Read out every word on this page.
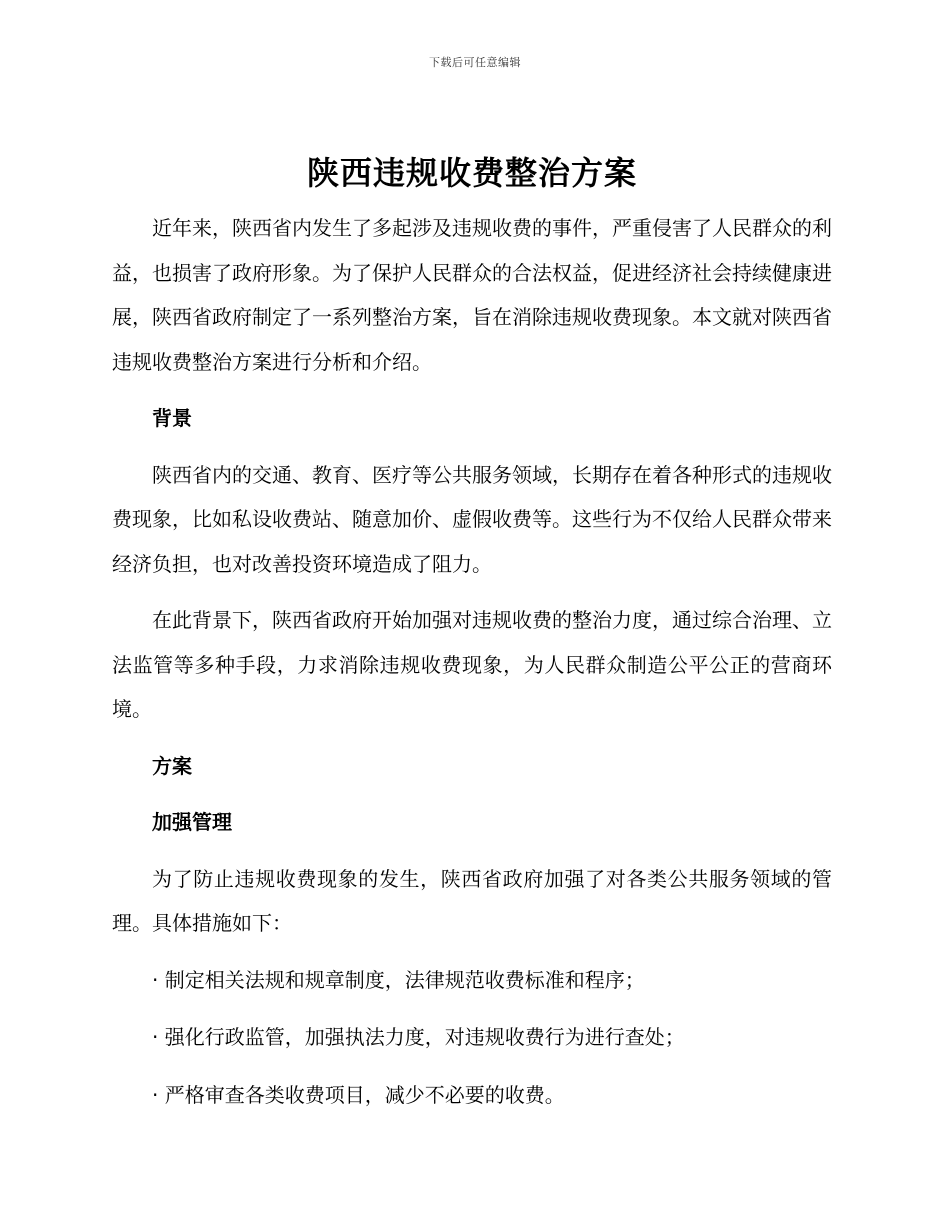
下载后可任意编辑
陕西违规收费整治方案

近年来，陕西省内发生了多起涉及违规收费的事件，严重侵害了人民群众的利益，也损害了政府形象。为了保护人民群众的合法权益，促进经济社会持续健康进展，陕西省政府制定了一系列整治方案，旨在消除违规收费现象。本文就对陕西省违规收费整治方案进行分析和介绍。

背景

陕西省内的交通、教育、医疗等公共服务领域，长期存在着各种形式的违规收费现象，比如私设收费站、随意加价、虚假收费等。这些行为不仅给人民群众带来经济负担，也对改善投资环境造成了阻力。

在此背景下，陕西省政府开始加强对违规收费的整治力度，通过综合治理、立法监管等多种手段，力求消除违规收费现象，为人民群众制造公平公正的营商环境。

方案

加强管理

为了防止违规收费现象的发生，陕西省政府加强了对各类公共服务领域的管理。具体措施如下：

· 制定相关法规和规章制度，法律规范收费标准和程序；

· 强化行政监管，加强执法力度，对违规收费行为进行查处；

· 严格审查各类收费项目，减少不必要的收费。
